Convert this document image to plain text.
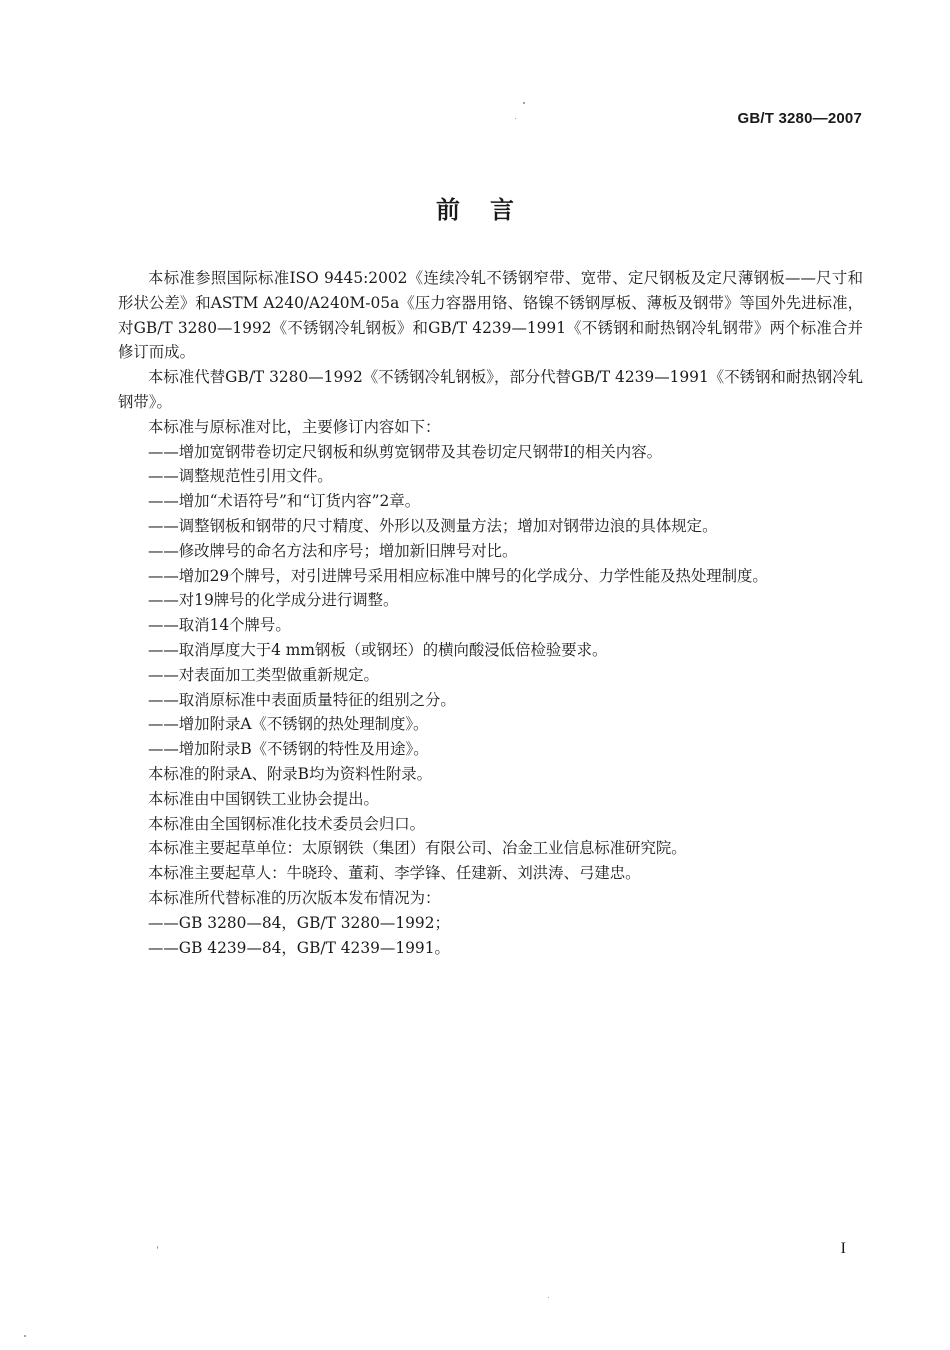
GB/T 3280—2007
前言

本标准参照国际标准ISO 9445:2002《连续冷轧不锈钢窄带、宽带、定尺钢板及定尺薄钢板——尺寸和形状公差》和ASTM A240/A240M-05a《压力容器用铬、铬镍不锈钢厚板、薄板及钢带》等国外先进标准，对GB/T 3280—1992《不锈钢冷轧钢板》和GB/T 4239—1991《不锈钢和耐热钢冷轧钢带》两个标准合并修订而成。

本标准代替GB/T 3280—1992《不锈钢冷轧钢板》，部分代替GB/T 4239—1991《不锈钢和耐热钢冷轧钢带》。

本标准与原标准对比，主要修订内容如下：

——增加宽钢带卷切定尺钢板和纵剪宽钢带及其卷切定尺钢带Ⅰ的相关内容。

——调整规范性引用文件。

——增加“术语符号”和“订货内容”2章。

——调整钢板和钢带的尺寸精度、外形以及测量方法；增加对钢带边浪的具体规定。

——修改牌号的命名方法和序号；增加新旧牌号对比。

——增加29个牌号，对引进牌号采用相应标准中牌号的化学成分、力学性能及热处理制度。

——对19牌号的化学成分进行调整。

——取消14个牌号。

——取消厚度大于4 mm钢板（或钢坯）的横向酸浸低倍检验要求。

——对表面加工类型做重新规定。

——取消原标准中表面质量特征的组别之分。

——增加附录A《不锈钢的热处理制度》。

——增加附录B《不锈钢的特性及用途》。

本标准的附录A、附录B均为资料性附录。

本标准由中国钢铁工业协会提出。

本标准由全国钢标准化技术委员会归口。

本标准主要起草单位：太原钢铁（集团）有限公司、冶金工业信息标准研究院。

本标准主要起草人：牛晓玲、董莉、李学锋、任建新、刘洪涛、弓建忠。

本标准所代替标准的历次版本发布情况为：

——GB 3280—84，GB/T 3280—1992；

——GB 4239—84，GB/T 4239—1991。

I
